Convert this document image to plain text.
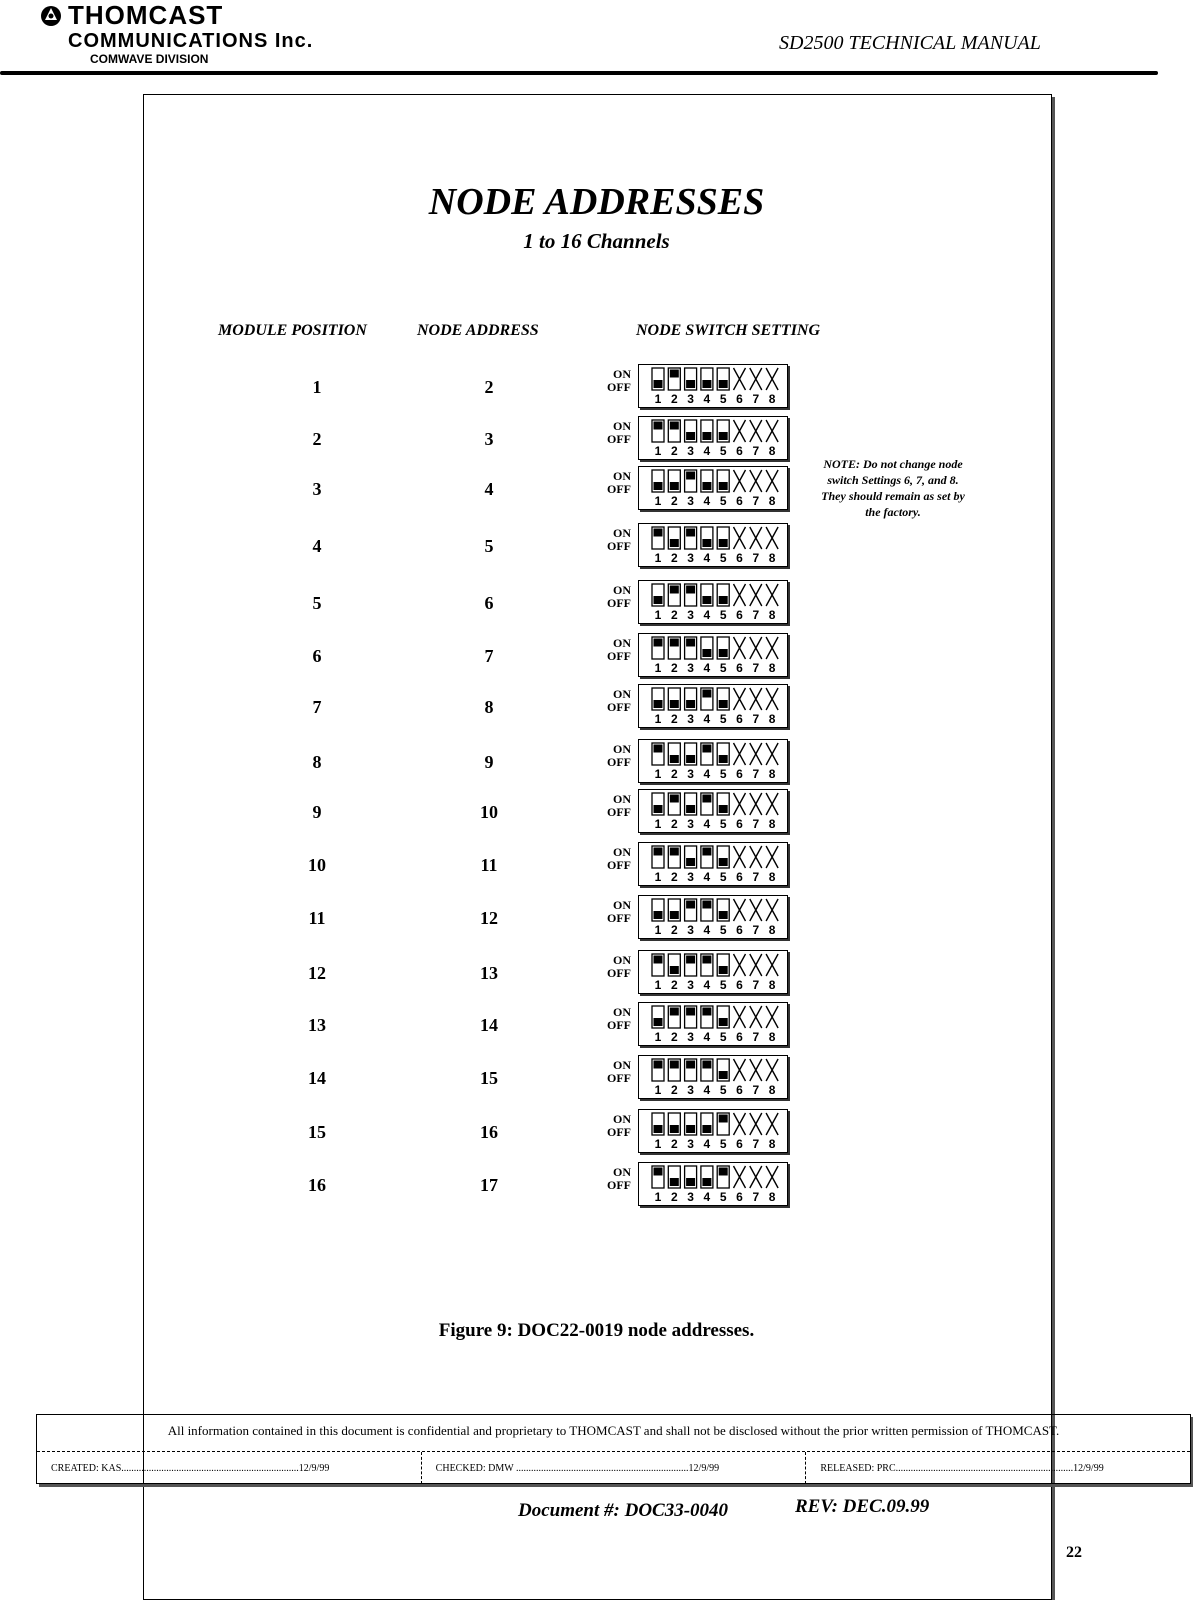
THOMCAST
COMMUNICATIONS Inc.
COMWAVE DIVISION
SD2500 TECHNICAL MANUAL
NODE ADDRESSES
1 to 16 Channels
MODULE POSITION	NODE ADDRESS	NODE SWITCH SETTING
1	2
ON
OFF
1 2 3 4 5 6 7 8
2	3
ON
OFF
1 2 3 4 5 6 7 8
3	4
ON
OFF
1 2 3 4 5 6 7 8
4	5
ON
OFF
1 2 3 4 5 6 7 8
5	6
ON
OFF
1 2 3 4 5 6 7 8
6	7
ON
OFF
1 2 3 4 5 6 7 8
7	8
ON
OFF
1 2 3 4 5 6 7 8
8	9
ON
OFF
1 2 3 4 5 6 7 8
9	10
ON
OFF
1 2 3 4 5 6 7 8
10	11
ON
OFF
1 2 3 4 5 6 7 8
11	12
ON
OFF
1 2 3 4 5 6 7 8
12	13
ON
OFF
1 2 3 4 5 6 7 8
13	14
ON
OFF
1 2 3 4 5 6 7 8
14	15
ON
OFF
1 2 3 4 5 6 7 8
15	16
ON
OFF
1 2 3 4 5 6 7 8
16	17
ON
OFF
1 2 3 4 5 6 7 8
NOTE: Do not change node switch Settings 6, 7, and 8. They should remain as set by the factory.
Figure 9: DOC22-0019 node addresses.
All information contained in this document is confidential and proprietary to THOMCAST and shall not be disclosed without the prior written permission of THOMCAST.
CREATED: KAS.......................................................................12/9/99	CHECKED: DMW .....................................................................12/9/99	RELEASED: PRC.......................................................................12/9/99
Document #: DOC33-0040	REV: DEC.09.99
22
